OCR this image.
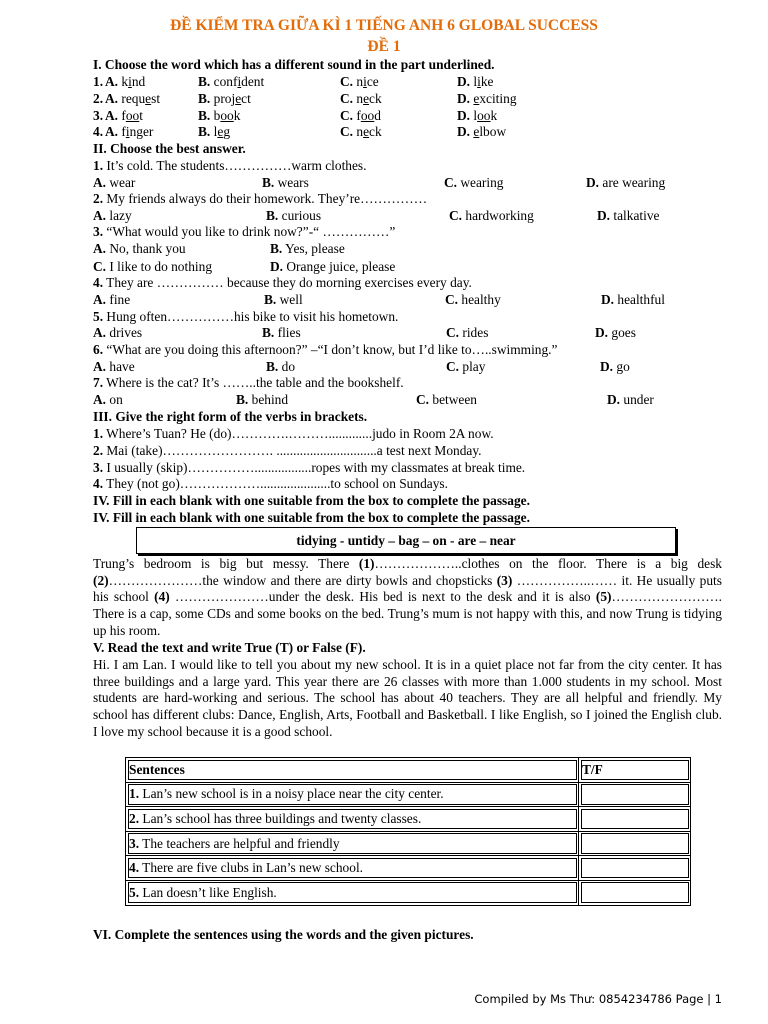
ĐỀ KIỂM TRA GIỮA KÌ 1 TIẾNG ANH 6 GLOBAL SUCCESS
ĐỀ 1
I. Choose the word which has a different sound in the part underlined.
1. A. kind	B. confident	C. nice	D. like
2. A. request	B. project	C. neck	D. exciting
3. A. foot	B. book	C. food	D. look
4. A. finger	B. leg	C. neck	D. elbow
II. Choose the best answer.
1. It’s cold. The students……………warm clothes.
A. wear	B. wears	C. wearing	D. are wearing
2. My friends always do their homework. They’re……………
A. lazy	B. curious	C. hardworking	D. talkative
3. “What would you like to drink now?”-“ ……………”
A. No, thank you	B. Yes, please
C. I like to do nothing	D. Orange juice, please
4. They are …………… because they do morning exercises every day.
A. fine	B. well	C. healthy	D. healthful
5. Hung often……………his bike to visit his hometown.
A. drives	B. flies	C. rides	D. goes
6. “What are you doing this afternoon?” –“I don’t know, but I’d like to…..swimming.”
A. have	B. do	C. play	D. go
7. Where is the cat? It’s ……..the table and the bookshelf.
A. on	B. behind	C. between	D. under
III. Give the right form of the verbs in brackets.
1. Where’s Tuan? He (do)………….……….............judo in Room 2A now.
2. Mai (take)……………………. ..............................a test next Monday.
3. I usually (skip)…………….................ropes with my classmates at break time.
4. They (not go)……………….....................to school on Sundays.
IV. Fill in each blank with one suitable from the box to complete the passage.
IV. Fill in each blank with one suitable from the box to complete the passage.
tidying - untidy – bag – on - are – near
Trung’s bedroom is big but messy. There (1)………………..clothes on the floor. There is a big desk (2)…………………the window and there are dirty bowls and chopsticks (3) ……………..…… it. He usually puts his school (4) …………………under the desk. His bed is next to the desk and it is also (5)……………………. There is a cap, some CDs and some books on the bed. Trung’s mum is not happy with this, and now Trung is tidying up his room.
V. Read the text and write True (T) or False (F).
Hi. I am Lan. I would like to tell you about my new school. It is in a quiet place not far from the city center. It has three buildings and a large yard. This year there are 26 classes with more than 1.000 students in my school. Most students are hard-working and serious. The school has about 40 teachers. They are all helpful and friendly. My school has different clubs: Dance, English, Arts, Football and Basketball. I like English, so I joined the English club. I love my school because it is a good school.
Sentences	T/F
1. Lan’s new school is in a noisy place near the city center.	
2. Lan’s school has three buildings and twenty classes.	
3. The teachers are helpful and friendly	
4. There are five clubs in Lan’s new school.	
5. Lan doesn’t like English.	
VI. Complete the sentences using the words and the given pictures.
Compiled by Ms Thư: 0854234786 Page | 1
